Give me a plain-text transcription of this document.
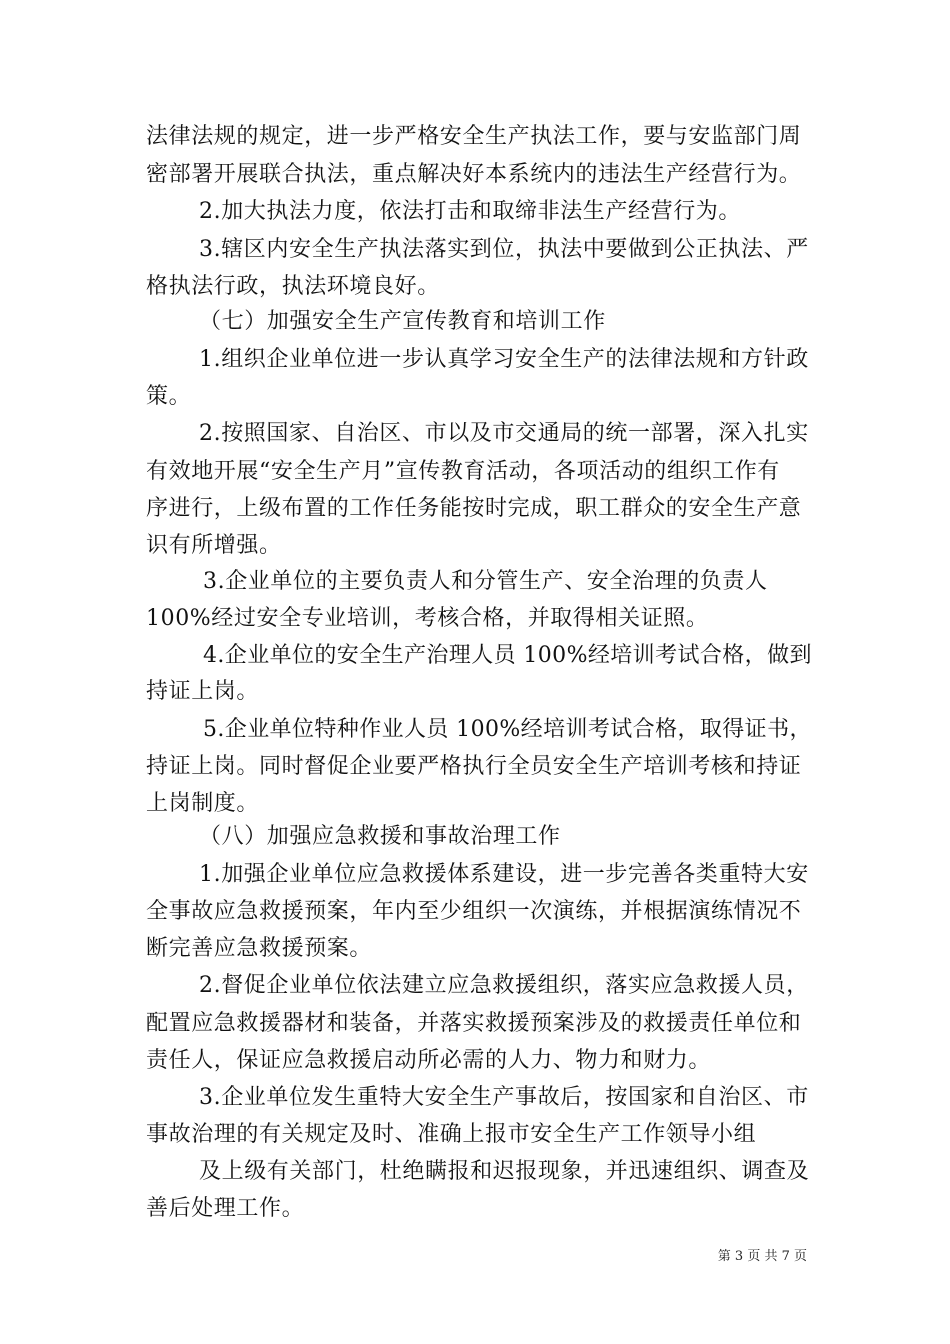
法律法规的规定，进一步严格安全生产执法工作，要与安监部门周
密部署开展联合执法，重点解决好本系统内的违法生产经营行为。
2.加大执法力度，依法打击和取缔非法生产经营行为。
3.辖区内安全生产执法落实到位，执法中要做到公正执法、严
格执法行政，执法环境良好。
（七）加强安全生产宣传教育和培训工作
1.组织企业单位进一步认真学习安全生产的法律法规和方针政
策。
2.按照国家、自治区、市以及市交通局的统一部署，深入扎实
有效地开展“安全生产月”宣传教育活动，各项活动的组织工作有
序进行，上级布置的工作任务能按时完成，职工群众的安全生产意
识有所增强。
3.企业单位的主要负责人和分管生产、安全治理的负责人
100%经过安全专业培训，考核合格，并取得相关证照。
4.企业单位的安全生产治理人员 100%经培训考试合格，做到
持证上岗。
5.企业单位特种作业人员 100%经培训考试合格，取得证书，
持证上岗。同时督促企业要严格执行全员安全生产培训考核和持证
上岗制度。
（八）加强应急救援和事故治理工作
1.加强企业单位应急救援体系建设，进一步完善各类重特大安
全事故应急救援预案，年内至少组织一次演练，并根据演练情况不
断完善应急救援预案。
2.督促企业单位依法建立应急救援组织，落实应急救援人员，
配置应急救援器材和装备，并落实救援预案涉及的救援责任单位和
责任人，保证应急救援启动所必需的人力、物力和财力。
3.企业单位发生重特大安全生产事故后，按国家和自治区、市
事故治理的有关规定及时、准确上报市安全生产工作领导小组
及上级有关部门，杜绝瞒报和迟报现象，并迅速组织、调查及
善后处理工作。
第 3 页 共 7 页
